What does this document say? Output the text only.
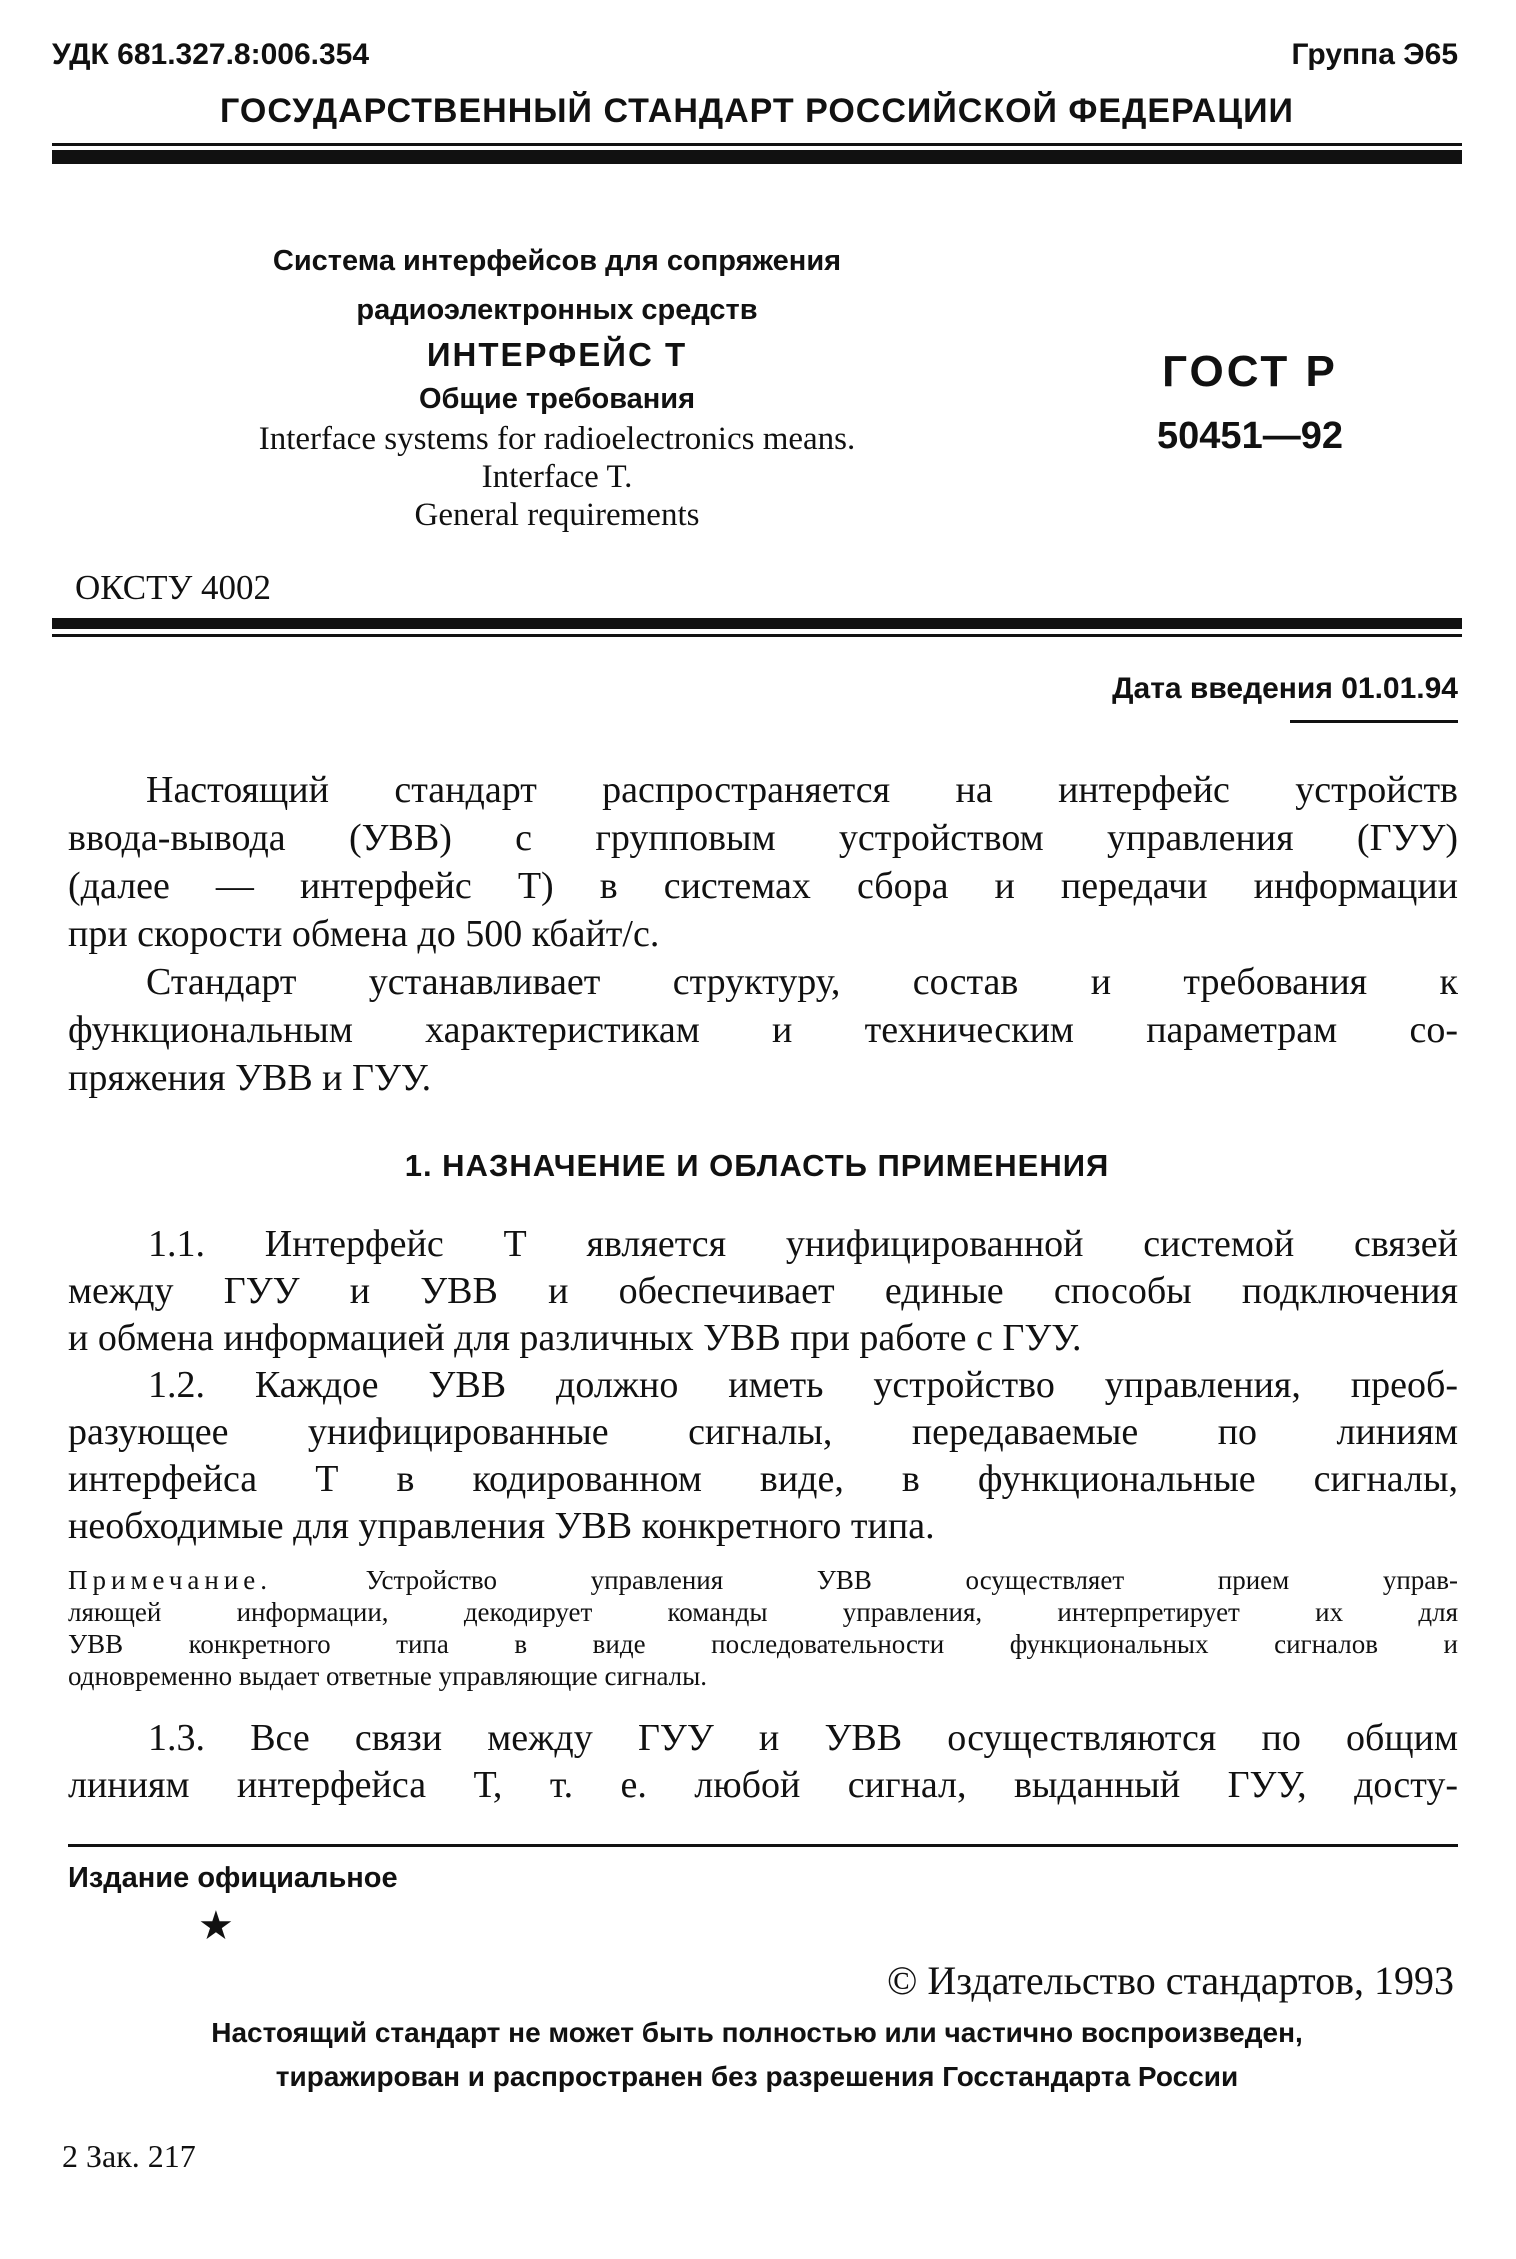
УДК 681.327.8:006.354	Группа Э65
ГОСУДАРСТВЕННЫЙ СТАНДАРТ РОССИЙСКОЙ ФЕДЕРАЦИИ
Система интерфейсов для сопряжения
радиоэлектронных средств
ИНТЕРФЕЙС Т
Общие требования
Interface systems for radioelectronics means.
Interface T.
General requirements
ГОСТ Р
50451—92
ОКСТУ 4002
Дата введения 01.01.94
Настоящий стандарт распространяется на интерфейс устройств
ввода-вывода (УВВ) с групповым устройством управления (ГУУ)
(далее — интерфейс Т) в системах сбора и передачи информации
при скорости обмена до 500 кбайт/с.
Стандарт устанавливает структуру, состав и требования к
функциональным характеристикам и техническим параметрам со-
пряжения УВВ и ГУУ.
1. НАЗНАЧЕНИЕ И ОБЛАСТЬ ПРИМЕНЕНИЯ
1.1. Интерфейс Т является унифицированной системой связей
между ГУУ и УВВ и обеспечивает единые способы подключения
и обмена информацией для различных УВВ при работе с ГУУ.
1.2. Каждое УВВ должно иметь устройство управления, преоб-
разующее унифицированные сигналы, передаваемые по линиям
интерфейса Т в кодированном виде, в функциональные сигналы,
необходимые для управления УВВ конкретного типа.
Примечание.	Устройство управления УВВ осуществляет прием управ-
ляющей информации, декодирует команды управления, интерпретирует их для
УВВ конкретного типа в виде последовательности функциональных сигналов и
одновременно выдает ответные управляющие сигналы.
1.3. Все связи между ГУУ и УВВ осуществляются по общим
линиям интерфейса Т, т. е. любой сигнал, выданный ГУУ, досту-
Издание официальное
★
© Издательство стандартов, 1993
Настоящий стандарт не может быть полностью или частично воспроизведен,
тиражирован и распространен без разрешения Госстандарта России
2 Зак. 217
